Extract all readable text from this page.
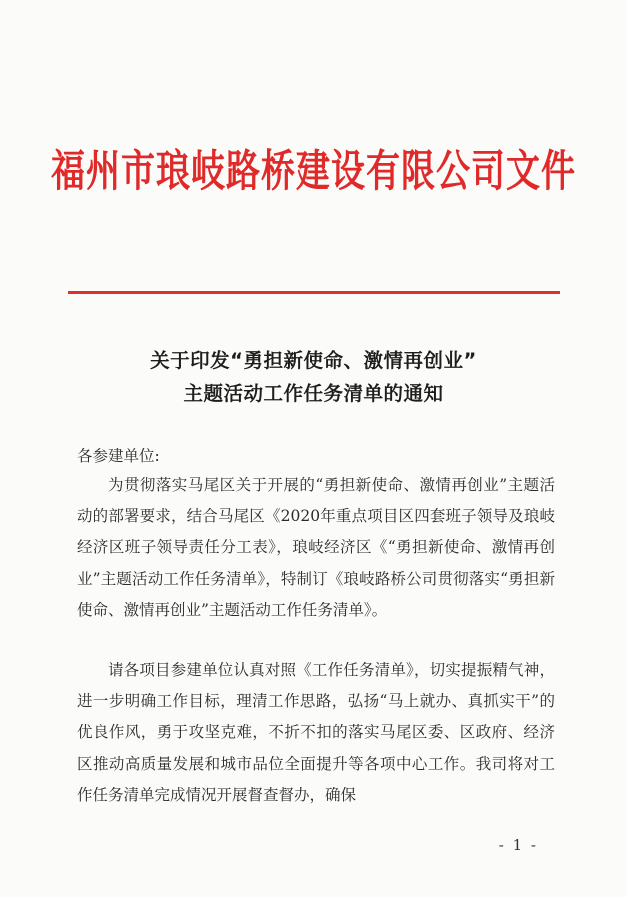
福州市琅岐路桥建设有限公司文件
关于印发“勇担新使命、激情再创业”
主题活动工作任务清单的通知
各参建单位:

为贯彻落实马尾区关于开展的“勇担新使命、激情再创业”主题活动的部署要求，结合马尾区《2020年重点项目区四套班子领导及琅岐经济区班子领导责任分工表》，琅岐经济区《“勇担新使命、激情再创业”主题活动工作任务清单》，特制订《琅岐路桥公司贯彻落实“勇担新使命、激情再创业”主题活动工作任务清单》。

请各项目参建单位认真对照《工作任务清单》，切实提振精气神，进一步明确工作目标，理清工作思路，弘扬“马上就办、真抓实干”的优良作风，勇于攻坚克难，不折不扣的落实马尾区委、区政府、经济区推动高质量发展和城市品位全面提升等各项中心工作。我司将对工作任务清单完成情况开展督查督办，确保

- 1 -
